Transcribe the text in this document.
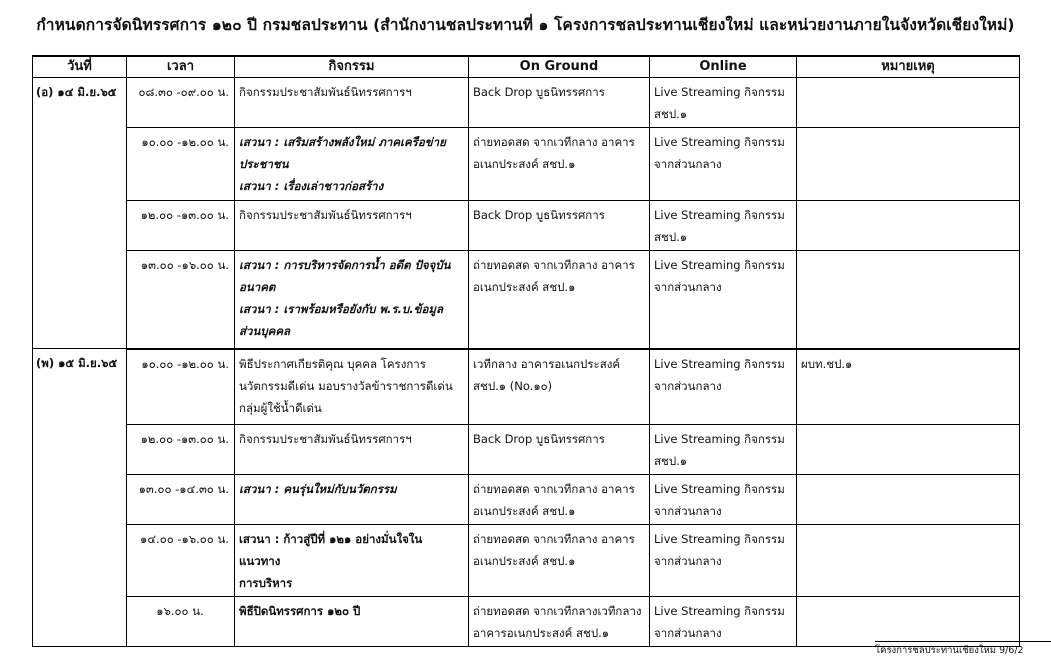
กำหนดการจัดนิทรรศการ ๑๒๐ ปี กรมชลประทาน (สำนักงานชลประทานที่ ๑ โครงการชลประทานเชียงใหม่ และหน่วยงานภายในจังหวัดเชียงใหม่)
วันที่	เวลา	กิจกรรม	On Ground	Online	หมายเหตุ
(อ) ๑๔ มิ.ย.๖๕	๐๘.๓๐ -๐๙.๐๐ น.	กิจกรรมประชาสัมพันธ์นิทรรศการฯ	Back Drop บูธนิทรรศการ	Live Streaming กิจกรรม
สชป.๑	

	๑๐.๐๐ -๑๒.๐๐ น.	เสวนา : เสริมสร้างพลังใหม่ ภาคเครือข่าย
ประชาชน
เสวนา : เรื่องเล่าชาวก่อสร้าง	ถ่ายทอดสด จากเวทีกลาง อาคาร
อเนกประสงค์ สชป.๑	Live Streaming กิจกรรม
จากส่วนกลาง	

	๑๒.๐๐ -๑๓.๐๐ น.	กิจกรรมประชาสัมพันธ์นิทรรศการฯ	Back Drop บูธนิทรรศการ	Live Streaming กิจกรรม
สชป.๑	

	๑๓.๐๐ -๑๖.๐๐ น.	เสวนา : การบริหารจัดการน้ำ อดีต ปัจจุบัน
อนาคต
เสวนา : เราพร้อมหรือยังกับ พ.ร.บ.ข้อมูล
ส่วนบุคคล	ถ่ายทอดสด จากเวทีกลาง อาคาร
อเนกประสงค์ สชป.๑	Live Streaming กิจกรรม
จากส่วนกลาง	

(พ) ๑๕ มิ.ย.๖๕	๑๐.๐๐ -๑๒.๐๐ น.	พิธีประกาศเกียรติคุณ บุคคล โครงการ
นวัตกรรมดีเด่น มอบรางวัลข้าราชการดีเด่น
กลุ่มผู้ใช้น้ำดีเด่น	เวทีกลาง อาคารอเนกประสงค์
สชป.๑ (No.๑๐)	Live Streaming กิจกรรม
จากส่วนกลาง	ผบท.ชป.๑
	๑๒.๐๐ -๑๓.๐๐ น.	กิจกรรมประชาสัมพันธ์นิทรรศการฯ	Back Drop บูธนิทรรศการ	Live Streaming กิจกรรม
สชป.๑	

	๑๓.๐๐ -๑๔.๓๐ น.	เสวนา : คนรุ่นใหม่กับนวัตกรรม	ถ่ายทอดสด จากเวทีกลาง อาคาร
อเนกประสงค์ สชป.๑	Live Streaming กิจกรรม
จากส่วนกลาง	

	๑๔.๐๐ -๑๖.๐๐ น.	เสวนา : ก้าวสู่ปีที่ ๑๒๑ อย่างมั่นใจใน
แนวทาง
การบริหาร	ถ่ายทอดสด จากเวทีกลาง อาคาร
อเนกประสงค์ สชป.๑	Live Streaming กิจกรรม
จากส่วนกลาง	

	๑๖.๐๐ น.	พิธีปิดนิทรรศการ ๑๒๐ ปี	ถ่ายทอดสด จากเวทีกลางเวทีกลาง
อาคารอเนกประสงค์ สชป.๑	Live Streaming กิจกรรม
จากส่วนกลาง	

โครงการชลประทานเชียงใหม่ 9/6/2
